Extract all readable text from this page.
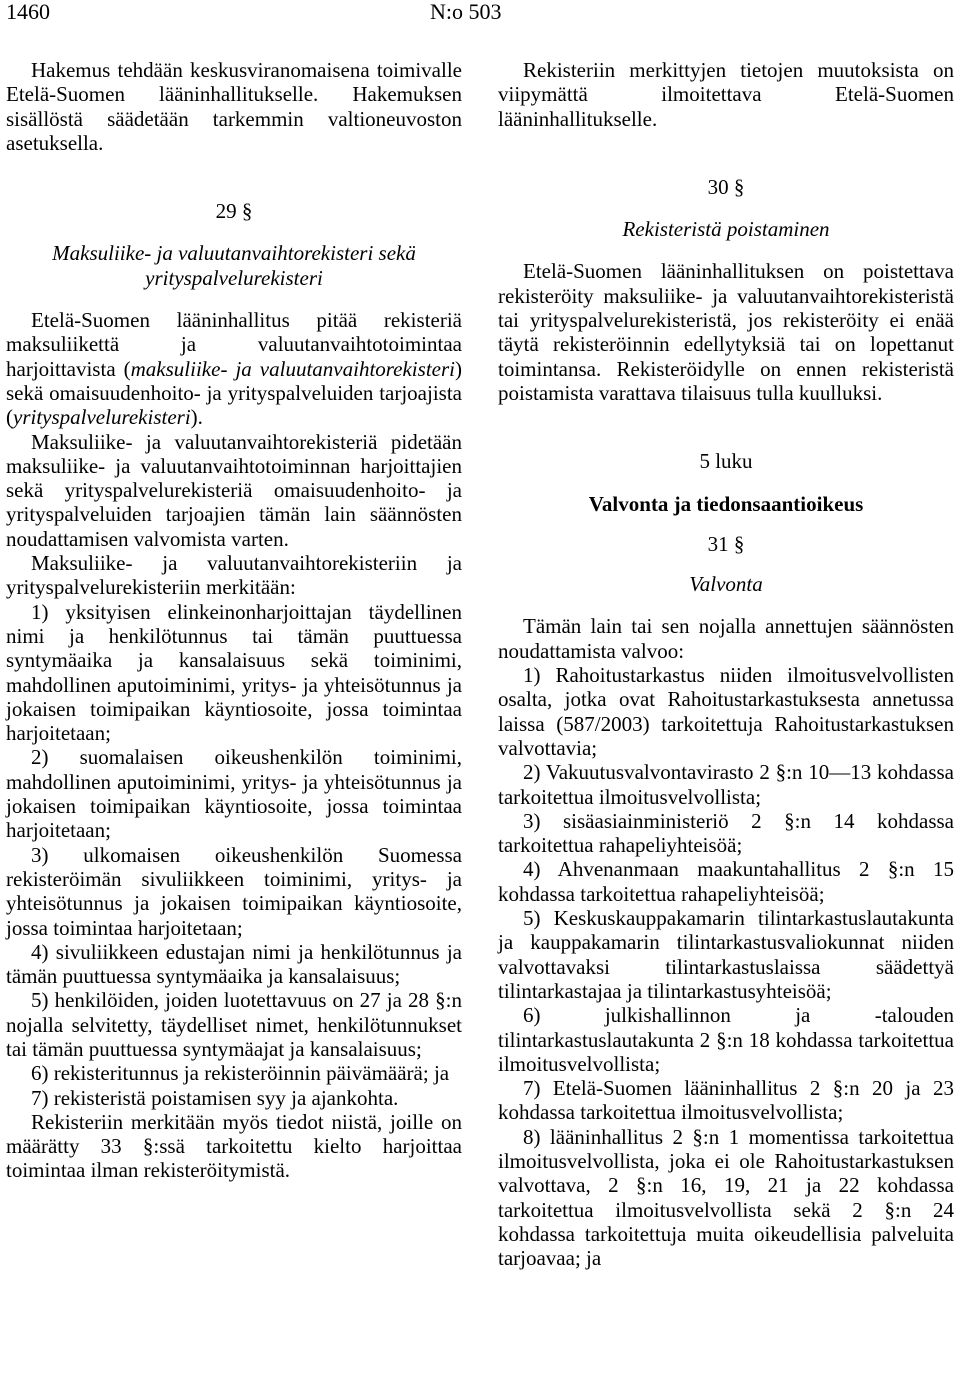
1460	N:o 503

Hakemus tehdään keskusviranomaisena toimivalle Etelä-Suomen lääninhallitukselle. Hakemuksen sisällöstä säädetään tarkemmin valtioneuvoston asetuksella.

29 §

Maksuliike- ja valuutanvaihtorekisteri sekä yrityspalvelurekisteri

Etelä-Suomen lääninhallitus pitää rekisteriä maksuliikettä ja valuutanvaihtotoimintaa harjoittavista (maksuliike- ja valuutanvaihtorekisteri) sekä omaisuudenhoito- ja yrityspalveluiden tarjoajista (yrityspalvelurekisteri).

Maksuliike- ja valuutanvaihtorekisteriä pidetään maksuliike- ja valuutanvaihtotoiminnan harjoittajien sekä yrityspalvelurekisteriä omaisuudenhoito- ja yrityspalveluiden tarjoajien tämän lain säännösten noudattamisen valvomista varten.

Maksuliike- ja valuutanvaihtorekisteriin ja yrityspalvelurekisteriin merkitään:

1) yksityisen elinkeinonharjoittajan täydellinen nimi ja henkilötunnus tai tämän puuttuessa syntymäaika ja kansalaisuus sekä toiminimi, mahdollinen aputoiminimi, yritys- ja yhteisötunnus ja jokaisen toimipaikan käyntiosoite, jossa toimintaa harjoitetaan;

2) suomalaisen oikeushenkilön toiminimi, mahdollinen aputoiminimi, yritys- ja yhteisötunnus ja jokaisen toimipaikan käyntiosoite, jossa toimintaa harjoitetaan;

3) ulkomaisen oikeushenkilön Suomessa rekisteröimän sivuliikkeen toiminimi, yritys- ja yhteisötunnus ja jokaisen toimipaikan käyntiosoite, jossa toimintaa harjoitetaan;

4) sivuliikkeen edustajan nimi ja henkilötunnus ja tämän puuttuessa syntymäaika ja kansalaisuus;

5) henkilöiden, joiden luotettavuus on 27 ja 28 §:n nojalla selvitetty, täydelliset nimet, henkilötunnukset tai tämän puuttuessa syntymäajat ja kansalaisuus;

6) rekisteritunnus ja rekisteröinnin päivämäärä; ja

7) rekisteristä poistamisen syy ja ajankohta.

Rekisteriin merkitään myös tiedot niistä, joille on määrätty 33 §:ssä tarkoitettu kielto harjoittaa toimintaa ilman rekisteröitymistä.

Rekisteriin merkittyjen tietojen muutoksista on viipymättä ilmoitettava Etelä-Suomen lääninhallitukselle.

30 §

Rekisteristä poistaminen

Etelä-Suomen lääninhallituksen on poistettava rekisteröity maksuliike- ja valuutanvaihtorekisteristä tai yrityspalvelurekisteristä, jos rekisteröity ei enää täytä rekisteröinnin edellytyksiä tai on lopettanut toimintansa. Rekisteröidylle on ennen rekisteristä poistamista varattava tilaisuus tulla kuulluksi.

5 luku

Valvonta ja tiedonsaantioikeus

31 §

Valvonta

Tämän lain tai sen nojalla annettujen säännösten noudattamista valvoo:

1) Rahoitustarkastus niiden ilmoitusvelvollisten osalta, jotka ovat Rahoitustarkastuksesta annetussa laissa (587/2003) tarkoitettuja Rahoitustarkastuksen valvottavia;

2) Vakuutusvalvontavirasto 2 §:n 10—13 kohdassa tarkoitettua ilmoitusvelvollista;

3) sisäasiainministeriö 2 §:n 14 kohdassa tarkoitettua rahapeliyhteisöä;

4) Ahvenanmaan maakuntahallitus 2 §:n 15 kohdassa tarkoitettua rahapeliyhteisöä;

5) Keskuskauppakamarin tilintarkastuslautakunta ja kauppakamarin tilintarkastusvaliokunnat niiden valvottavaksi tilintarkastuslaissa säädettyä tilintarkastajaa ja tilintarkastusyhteisöä;

6) julkishallinnon ja -talouden tilintarkastuslautakunta 2 §:n 18 kohdassa tarkoitettua ilmoitusvelvollista;

7) Etelä-Suomen lääninhallitus 2 §:n 20 ja 23 kohdassa tarkoitettua ilmoitusvelvollista;

8) lääninhallitus 2 §:n 1 momentissa tarkoitettua ilmoitusvelvollista, joka ei ole Rahoitustarkastuksen valvottava, 2 §:n 16, 19, 21 ja 22 kohdassa tarkoitettua ilmoitusvelvollista sekä 2 §:n 24 kohdassa tarkoitettuja muita oikeudellisia palveluita tarjoavaa; ja
